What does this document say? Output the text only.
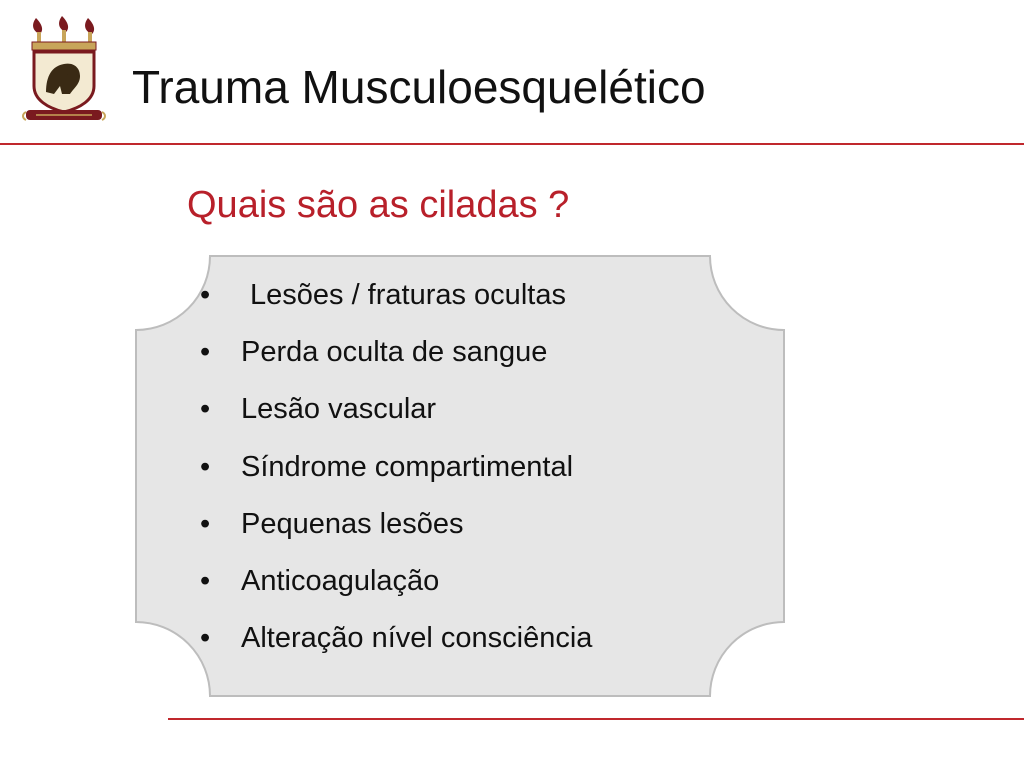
Trauma Musculoesquelético
Quais são as ciladas ?
• Lesões / fraturas ocultas
• Perda oculta de sangue
• Lesão vascular
• Síndrome compartimental
• Pequenas lesões
• Anticoagulação
• Alteração nível consciência
